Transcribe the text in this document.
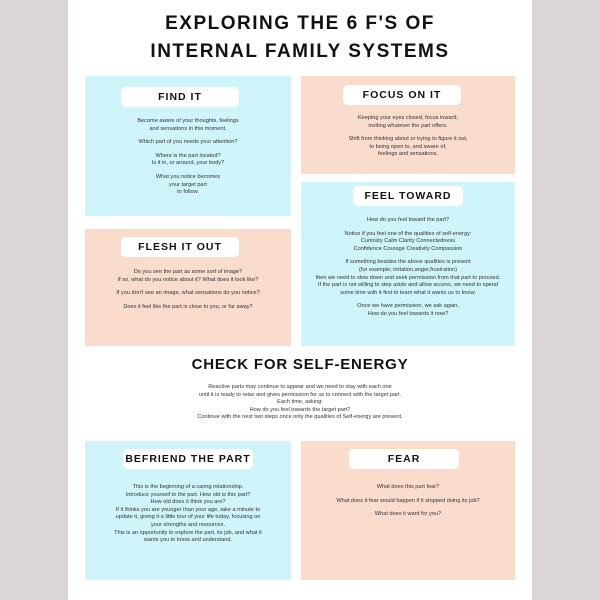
EXPLORING THE 6 F'S OF
INTERNAL FAMILY SYSTEMS
FIND IT
Become aware of your thoughts, feelings
and sensations in this moment.
Which part of you needs your attention?
Where is the part located?
Is it in, or around, your body?
What you notice becomes
your target part
to follow.
FOCUS ON IT
Keeping your eyes closed, focus inward,
inviting whatever the part offers.
Shift from thinking about or trying to figure it out,
to being open to, and aware of,
feelings and sensations.
FLESH IT OUT
Do you see the part as some sort of image?
If so, what do you notice about it? What does it look like?
If you don't see an image, what sensations do you notice?
Does it feel like the part is close to you, or far away?
FEEL TOWARD
How do you feel toward the part?
Notice if you feel one of the qualities of self-energy:
Curiosity Calm Clarity Connectedness
Confidence Courage Creativity Compassion
If something besides the above qualities is present
(for example; irritation,anger,frustration)
then we need to slow down and seek permission from that part to proceed.
If the part is not willing to step aside and allow access, we need to spend
some time with it first to learn what it wants us to know.
Once we have permission, we ask again,
How do you feel towards it now?
CHECK FOR SELF-ENERGY
Reactive parts may continue to appear and we need to stay with each one
until it is ready to relax and gives permission for us to connect with the target part.
Each time, asking:
How do you feel towards the target part?
Continue with the next two steps once only the qualities of Self-energy are present.
BEFRIEND THE PART
This is the beginning of a caring relationship.
Introduce yourself to the part. How old is this part?
How old does it think you are?
If it thinks you are younger than your age, take a minute to
update it, giving it a little tour of your life today, focusing on
your strengths and resources.
This is an opportunity to explore the part, its job, and what it
wants you to know and understand.
FEAR
What does this part fear?
What does it fear would happen if it stopped doing its job?
What does it want for you?
